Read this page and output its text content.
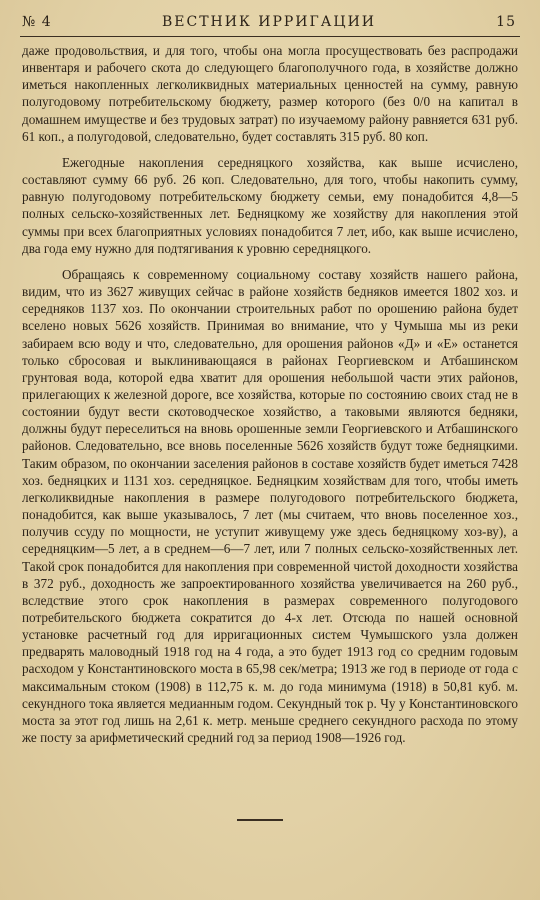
№ 4	ВЕСТНИК ИРРИГАЦИИ	15

даже продовольствия, и для того, чтобы она могла просуществовать без распродажи инвентаря и рабочего скота до следующего благополучного года, в хозяйстве должно иметься накопленных легколиквидных материальных ценностей на сумму, равную полугодовому потребительскому бюджету, размер которого (без 0/0 на капитал в домашнем имуществе и без трудовых затрат) по изучаемому району равняется 631 руб. 61 коп., а полугодовой, следовательно, будет составлять 315 руб. 80 коп.

Ежегодные накопления середняцкого хозяйства, как выше исчислено, составляют сумму 66 руб. 26 коп. Следовательно, для того, чтобы накопить сумму, равную полугодовому потребительскому бюджету семьи, ему понадобится 4,8—5 полных сельско-хозяйственных лет. Бедняцкому же хозяйству для накопления этой суммы при всех благоприятных условиях понадобится 7 лет, ибо, как выше исчислено, два года ему нужно для подтягивания к уровню середняцкого.

Обращаясь к современному социальному составу хозяйств нашего района, видим, что из 3627 живущих сейчас в районе хозяйств бедняков имеется 1802 хоз. и середняков 1137 хоз. По окончании строительных работ по орошению района будет вселено новых 5626 хозяйств. Принимая во внимание, что у Чумыша мы из реки забираем всю воду и что, следовательно, для орошения районов «Д» и «Е» останется только сбросовая и выклинивающаяся в районах Георгиевском и Атбашинском грунтовая вода, которой едва хватит для орошения небольшой части этих районов, прилегающих к железной дороге, все хозяйства, которые по состоянию своих стад не в состоянии будут вести скотоводческое хозяйство, а таковыми являются бедняки, должны будут переселиться на вновь орошенные земли Георгиевского и Атбашинского районов. Следовательно, все вновь поселенные 5626 хозяйств будут тоже бедняцкими. Таким образом, по окончании заселения районов в составе хозяйств будет иметься 7428 хоз. бедняцких и 1131 хоз. середняцкое. Бедняцким хозяйствам для того, чтобы иметь легколиквидные накопления в размере полугодового потребительского бюджета, понадобится, как выше указывалось, 7 лет (мы считаем, что вновь поселенное хоз., получив ссуду по мощности, не уступит живущему уже здесь бедняцкому хоз-ву), а середняцким—5 лет, а в среднем—6—7 лет, или 7 полных сельско-хозяйственных лет. Такой срок понадобится для накопления при современной чистой доходности хозяйства в 372 руб., доходность же запроектированного хозяйства увеличивается на 260 руб., вследствие этого срок накопления в размерах современного полугодового потребительского бюджета сократится до 4-х лет. Отсюда по нашей основной установке расчетный год для ирригационных систем Чумышского узла должен предварять маловодный 1918 год на 4 года, а это будет 1913 год со средним годовым расходом у Константиновского моста в 65,98 сек/метра; 1913 же год в периоде от года с максимальным стоком (1908) в 112,75 к. м. до года минимума (1918) в 50,81 куб. м. секундного тока является медианным годом. Секундный ток р. Чу у Константиновского моста за этот год лишь на 2,61 к. метр. меньше среднего секундного расхода по этому же посту за арифметический средний год за период 1908—1926 год.
